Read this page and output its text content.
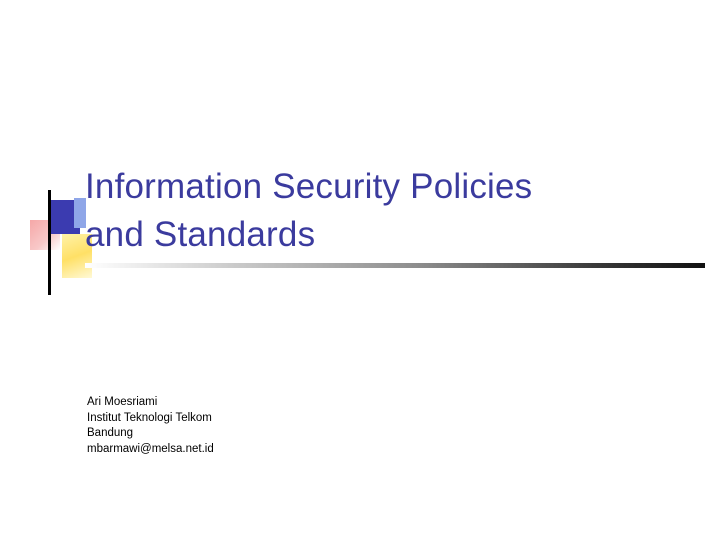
Information Security Policies
and Standards
Ari Moesriami
Institut Teknologi Telkom
Bandung
mbarmawi@melsa.net.id
